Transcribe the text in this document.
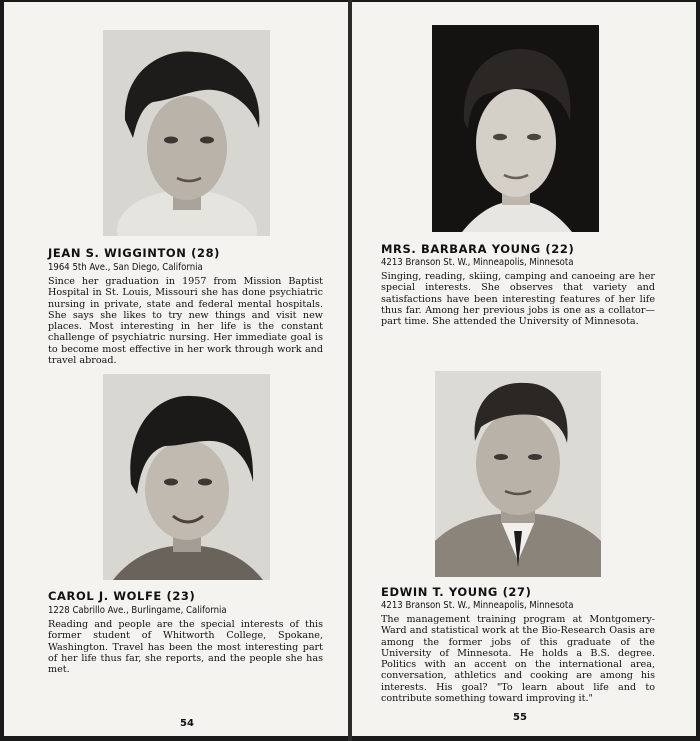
JEAN S. WIGGINTON (28)
1964 5th Ave., San Diego, California

Since her graduation in 1957 from Mission Baptist Hospital in St. Louis, Missouri she has done psychiatric nursing in private, state and federal mental hospitals. She says she likes to try new things and visit new places. Most interesting in her life is the constant challenge of psychiatric nursing. Her immediate goal is to become most effective in her work through work and travel abroad.

CAROL J. WOLFE (23)
1228 Cabrillo Ave., Burlingame, California

Reading and people are the special interests of this former student of Whitworth College, Spokane, Washington. Travel has been the most interesting part of her life thus far, she reports, and the people she has met.

54
MRS. BARBARA YOUNG (22)
4213 Branson St. W., Minneapolis, Minnesota

Singing, reading, skiing, camping and canoeing are her special interests. She observes that variety and satisfactions have been interesting features of her life thus far. Among her previous jobs is one as a collator—part time. She attended the University of Minnesota.

EDWIN T. YOUNG (27)
4213 Branson St. W., Minneapolis, Minnesota

The management training program at Montgomery-Ward and statistical work at the Bio-Research Oasis are among the former jobs of this graduate of the University of Minnesota. He holds a B.S. degree. Politics with an accent on the international area, conversation, athletics and cooking are among his interests. His goal? "To learn about life and to contribute something toward improving it."

55
